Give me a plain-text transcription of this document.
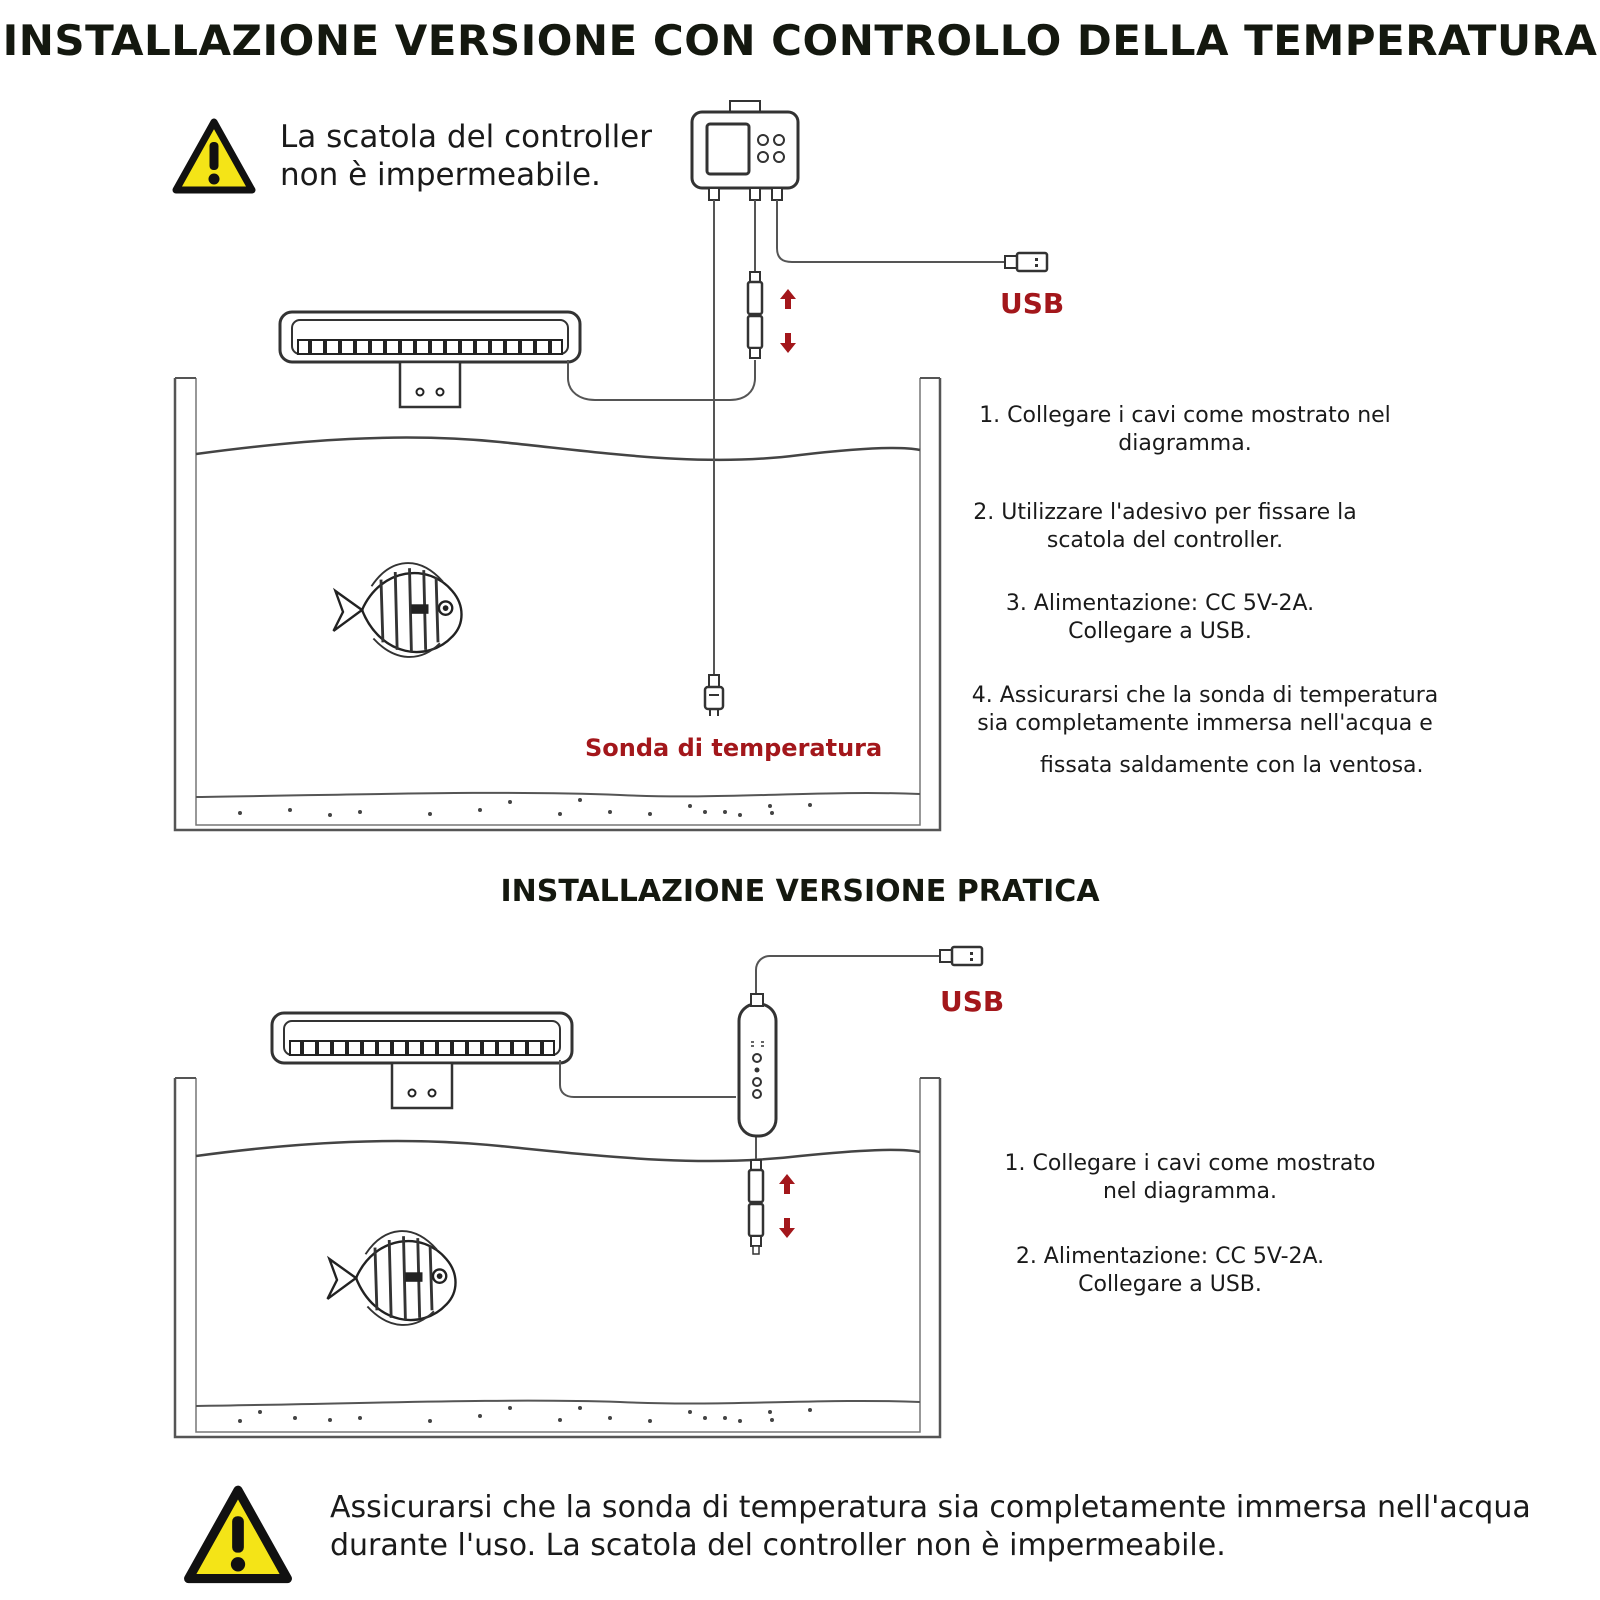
INSTALLAZIONE VERSIONE CON CONTROLLO DELLA TEMPERATURA
INSTALLAZIONE VERSIONE PRATICA
La scatola del controller
non è impermeabile.
Assicurarsi che la sonda di temperatura sia completamente immersa nell'acqua
durante l'uso. La scatola del controller non è impermeabile.
USB
USB
Sonda di temperatura
1. Collegare i cavi come mostrato nel
diagramma.
2. Utilizzare l'adesivo per fissare la
scatola del controller.
3. Alimentazione: CC 5V-2A.
Collegare a USB.
4. Assicurarsi che la sonda di temperatura
sia completamente immersa nell'acqua e
fissata saldamente con la ventosa.
1. Collegare i cavi come mostrato
nel diagramma.
2. Alimentazione: CC 5V-2A.
Collegare a USB.
